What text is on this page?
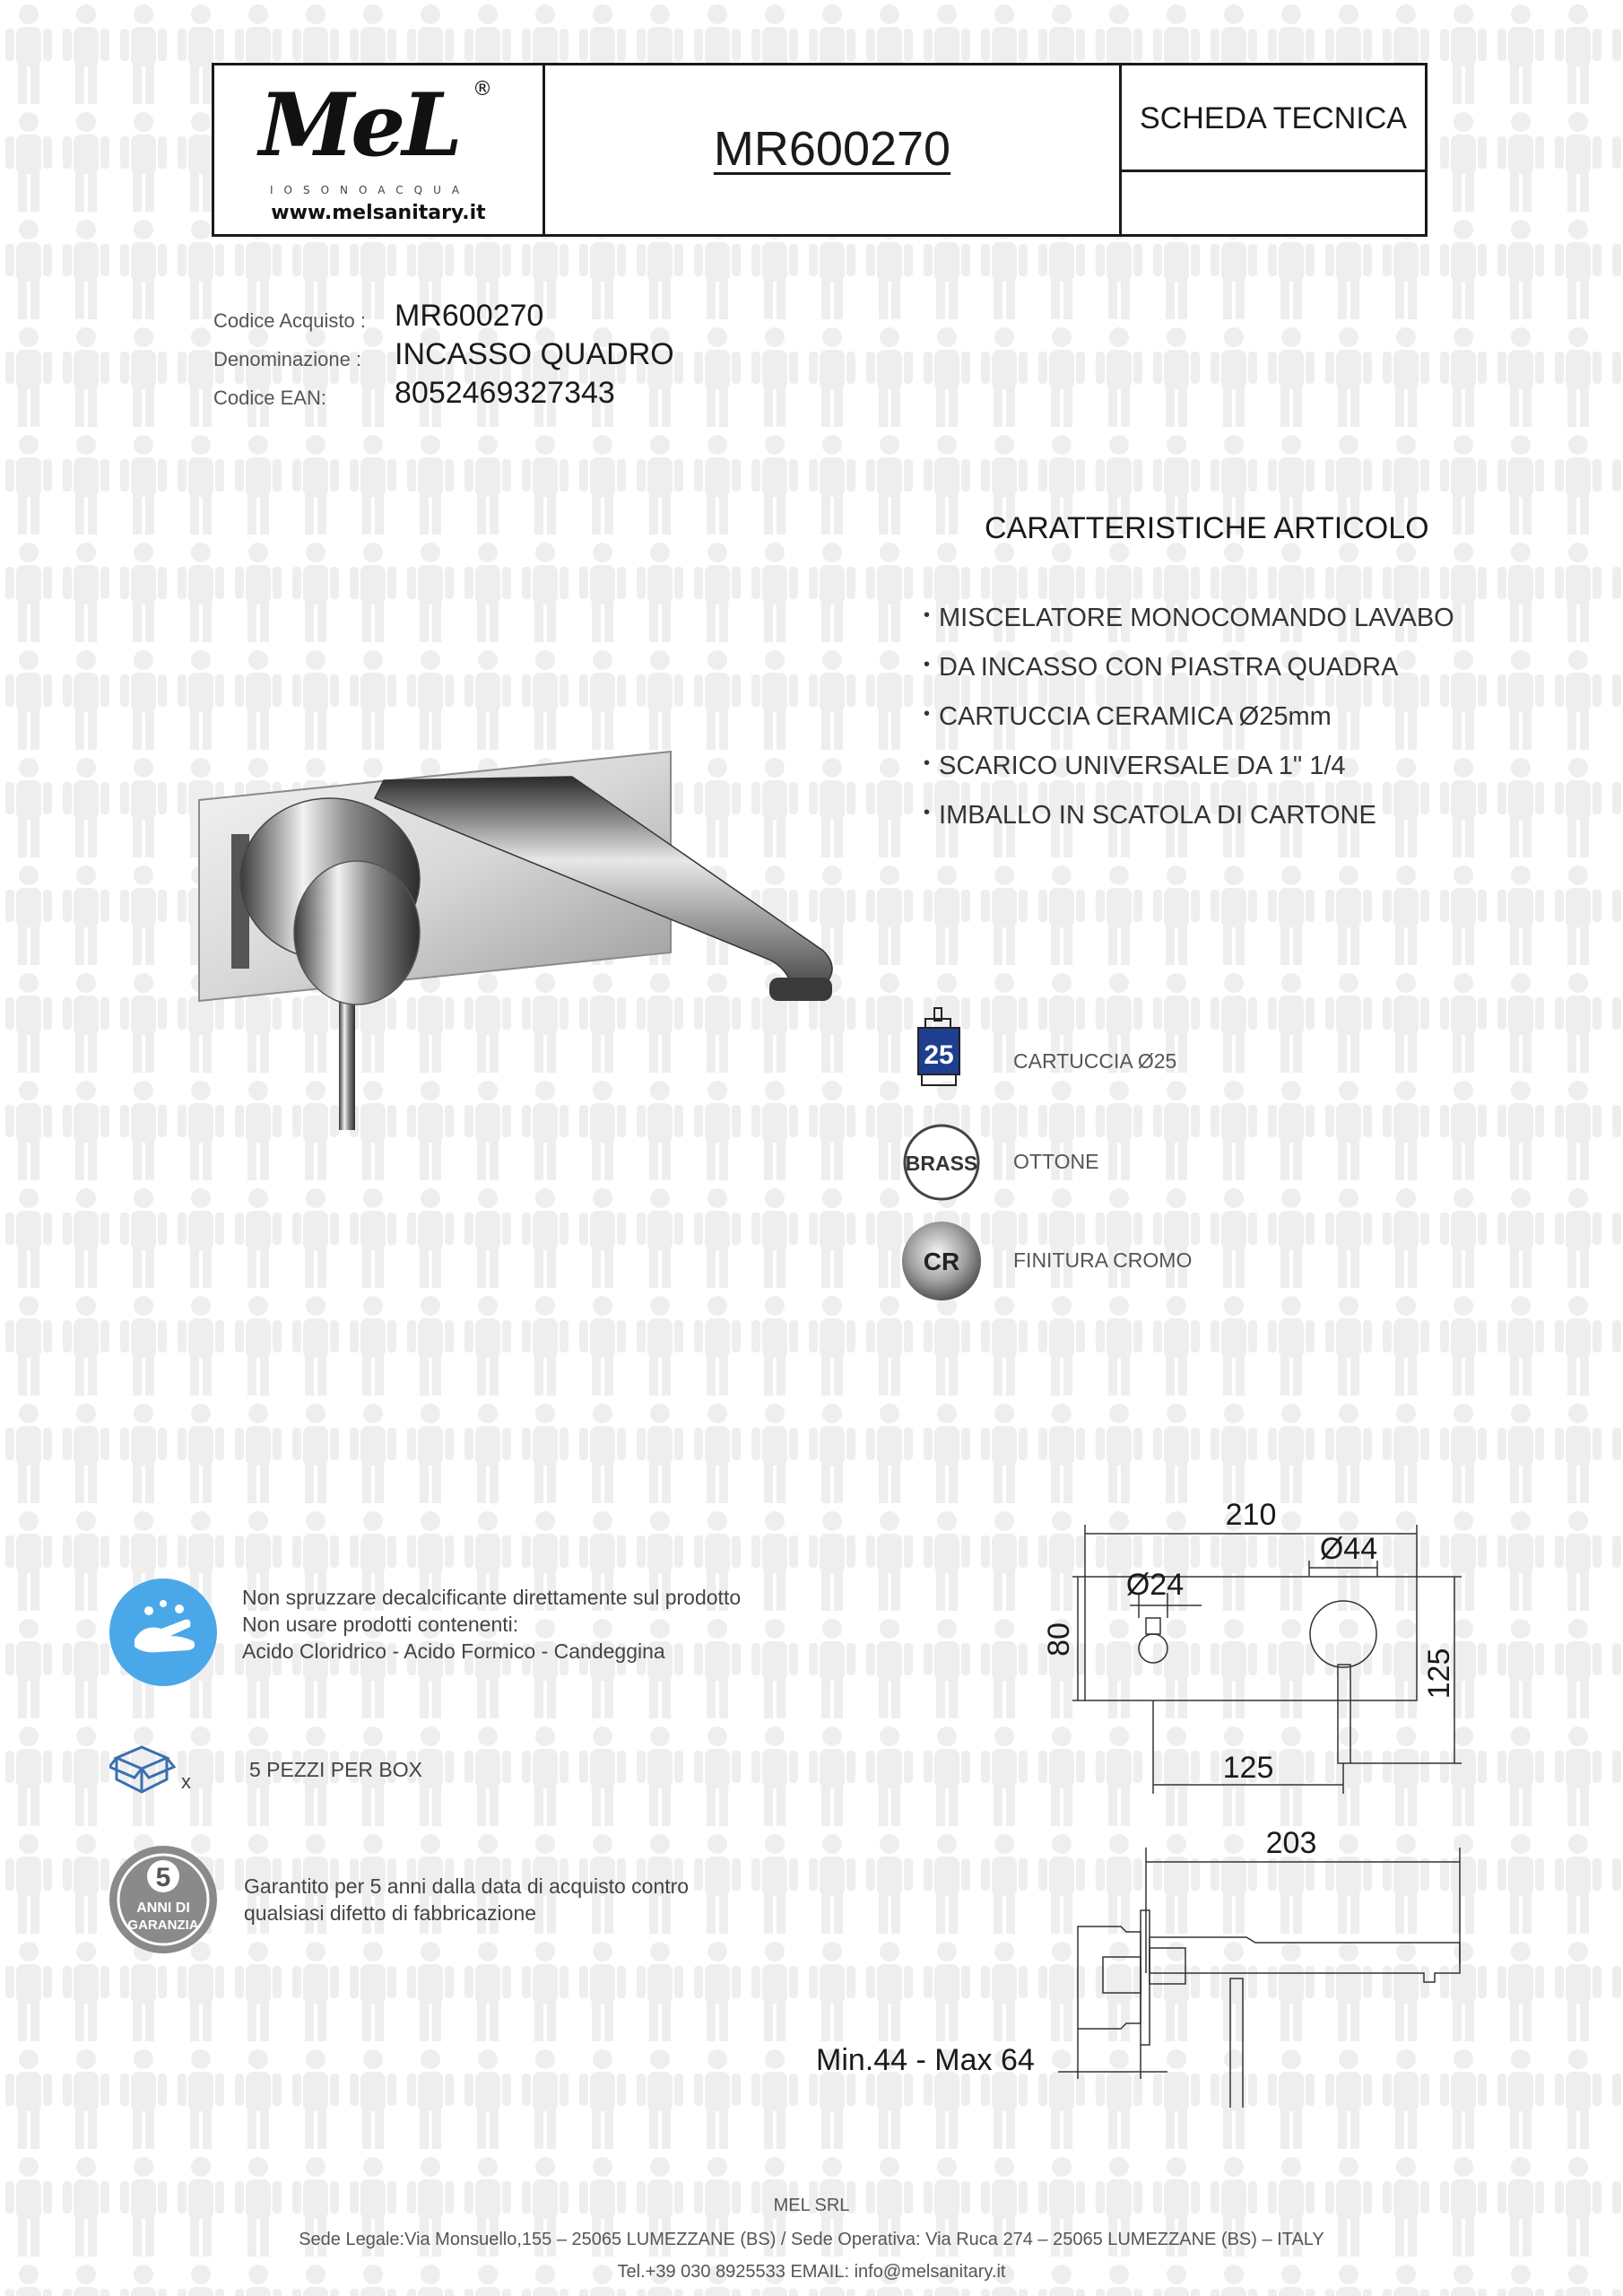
MeL ®
IOSONOACQUA
www.melsanitary.it
MR600270
SCHEDA TECNICA
Codice Acquisto : MR600270
Denominazione : INCASSO QUADRO
Codice EAN: 8052469327343
CARATTERISTICHE ARTICOLO
• MISCELATORE MONOCOMANDO LAVABO
• DA INCASSO CON PIASTRA QUADRA
• CARTUCCIA CERAMICA Ø25mm
• SCARICO UNIVERSALE DA 1" 1/4
• IMBALLO IN SCATOLA DI CARTONE
25	CARTUCCIA Ø25
BRASS OTTONE
CR	FINITURA CROMO
Non spruzzare decalcificante direttamente sul prodotto
Non usare prodotti contenenti:
Acido Cloridrico - Acido Formico - Candeggina
x
5 PEZZI PER BOX
5
ANNI DI
GARANZIA
Garantito per 5 anni dalla data di acquisto contro
qualsiasi difetto di fabbricazione
210
Ø44
Ø24
80
125
125
203
Min.44 - Max 64
MEL SRL
Sede Legale:Via Monsuello,155 – 25065 LUMEZZANE (BS) / Sede Operativa: Via Ruca 274 – 25065 LUMEZZANE (BS) – ITALY
Tel.+39 030 8925533 EMAIL: info@melsanitary.it
